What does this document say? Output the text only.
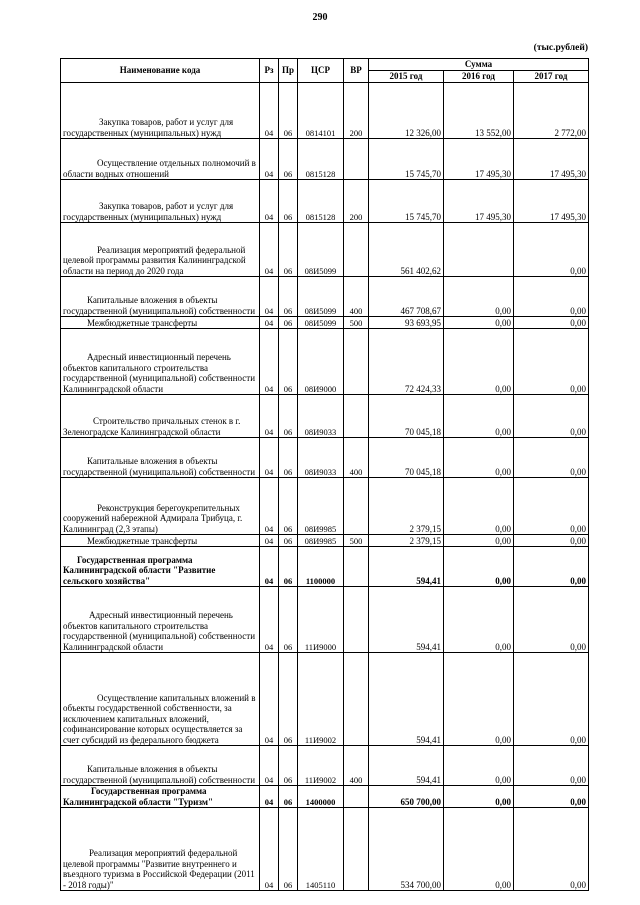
290
(тыс.рублей)
Наименование кода	Рз	Пр	ЦСР	ВР	Сумма		
					2015 год	2016 год	2017 год
Закупка товаров, работ и услуг для государственных (муниципальных) нужд	04	06	0814101	200	12 326,00	13 552,00	2 772,00
Осуществление отдельных полномочий в области водных отношений	04	06	0815128		15 745,70	17 495,30	17 495,30
Закупка товаров, работ и услуг для государственных (муниципальных) нужд	04	06	0815128	200	15 745,70	17 495,30	17 495,30
Реализация мероприятий федеральной целевой программы развития Калининградской области на период до 2020 года	04	06	08И5099		561 402,62		0,00
Капитальные вложения в объекты государственной (муниципальной) собственности	04	06	08И5099	400	467 708,67	0,00	0,00
Межбюджетные трансферты	04	06	08И5099	500	93 693,95	0,00	0,00
Адресный инвестиционный перечень объектов капитального строительства государственной (муниципальной) собственности Калининградской области	04	06	08И9000		72 424,33	0,00	0,00
Строительство причальных стенок в г. Зеленоградске Калининградской области	04	06	08И9033		70 045,18	0,00	0,00
Капитальные вложения в объекты государственной (муниципальной) собственности	04	06	08И9033	400	70 045,18	0,00	0,00
Реконструкция берегоукрепительных сооружений набережной Адмирала Трибуца, г. Калининград (2,3 этапы)	04	06	08И9985		2 379,15	0,00	0,00
Межбюджетные трансферты	04	06	08И9985	500	2 379,15	0,00	0,00
Государственная программа Калининградской области "Развитие сельского хозяйства"	04	06	1100000		594,41	0,00	0,00
Адресный инвестиционный перечень объектов капитального строительства государственной (муниципальной) собственности Калининградской области	04	06	11И9000		594,41	0,00	0,00
Осуществление капитальных вложений в объекты государственной собственности, за исключением капитальных вложений, софинансирование которых осуществляется за счет субсидий из федерального бюджета	04	06	11И9002		594,41	0,00	0,00
Капитальные вложения в объекты государственной (муниципальной) собственности	04	06	11И9002	400	594,41	0,00	0,00
Государственная программа Калининградской области "Туризм"	04	06	1400000		650 700,00	0,00	0,00
Реализация мероприятий федеральной целевой программы "Развитие внутреннего и въездного туризма в Российской Федерации (2011 - 2018 годы)"	04	06	1405110		534 700,00	0,00	0,00
